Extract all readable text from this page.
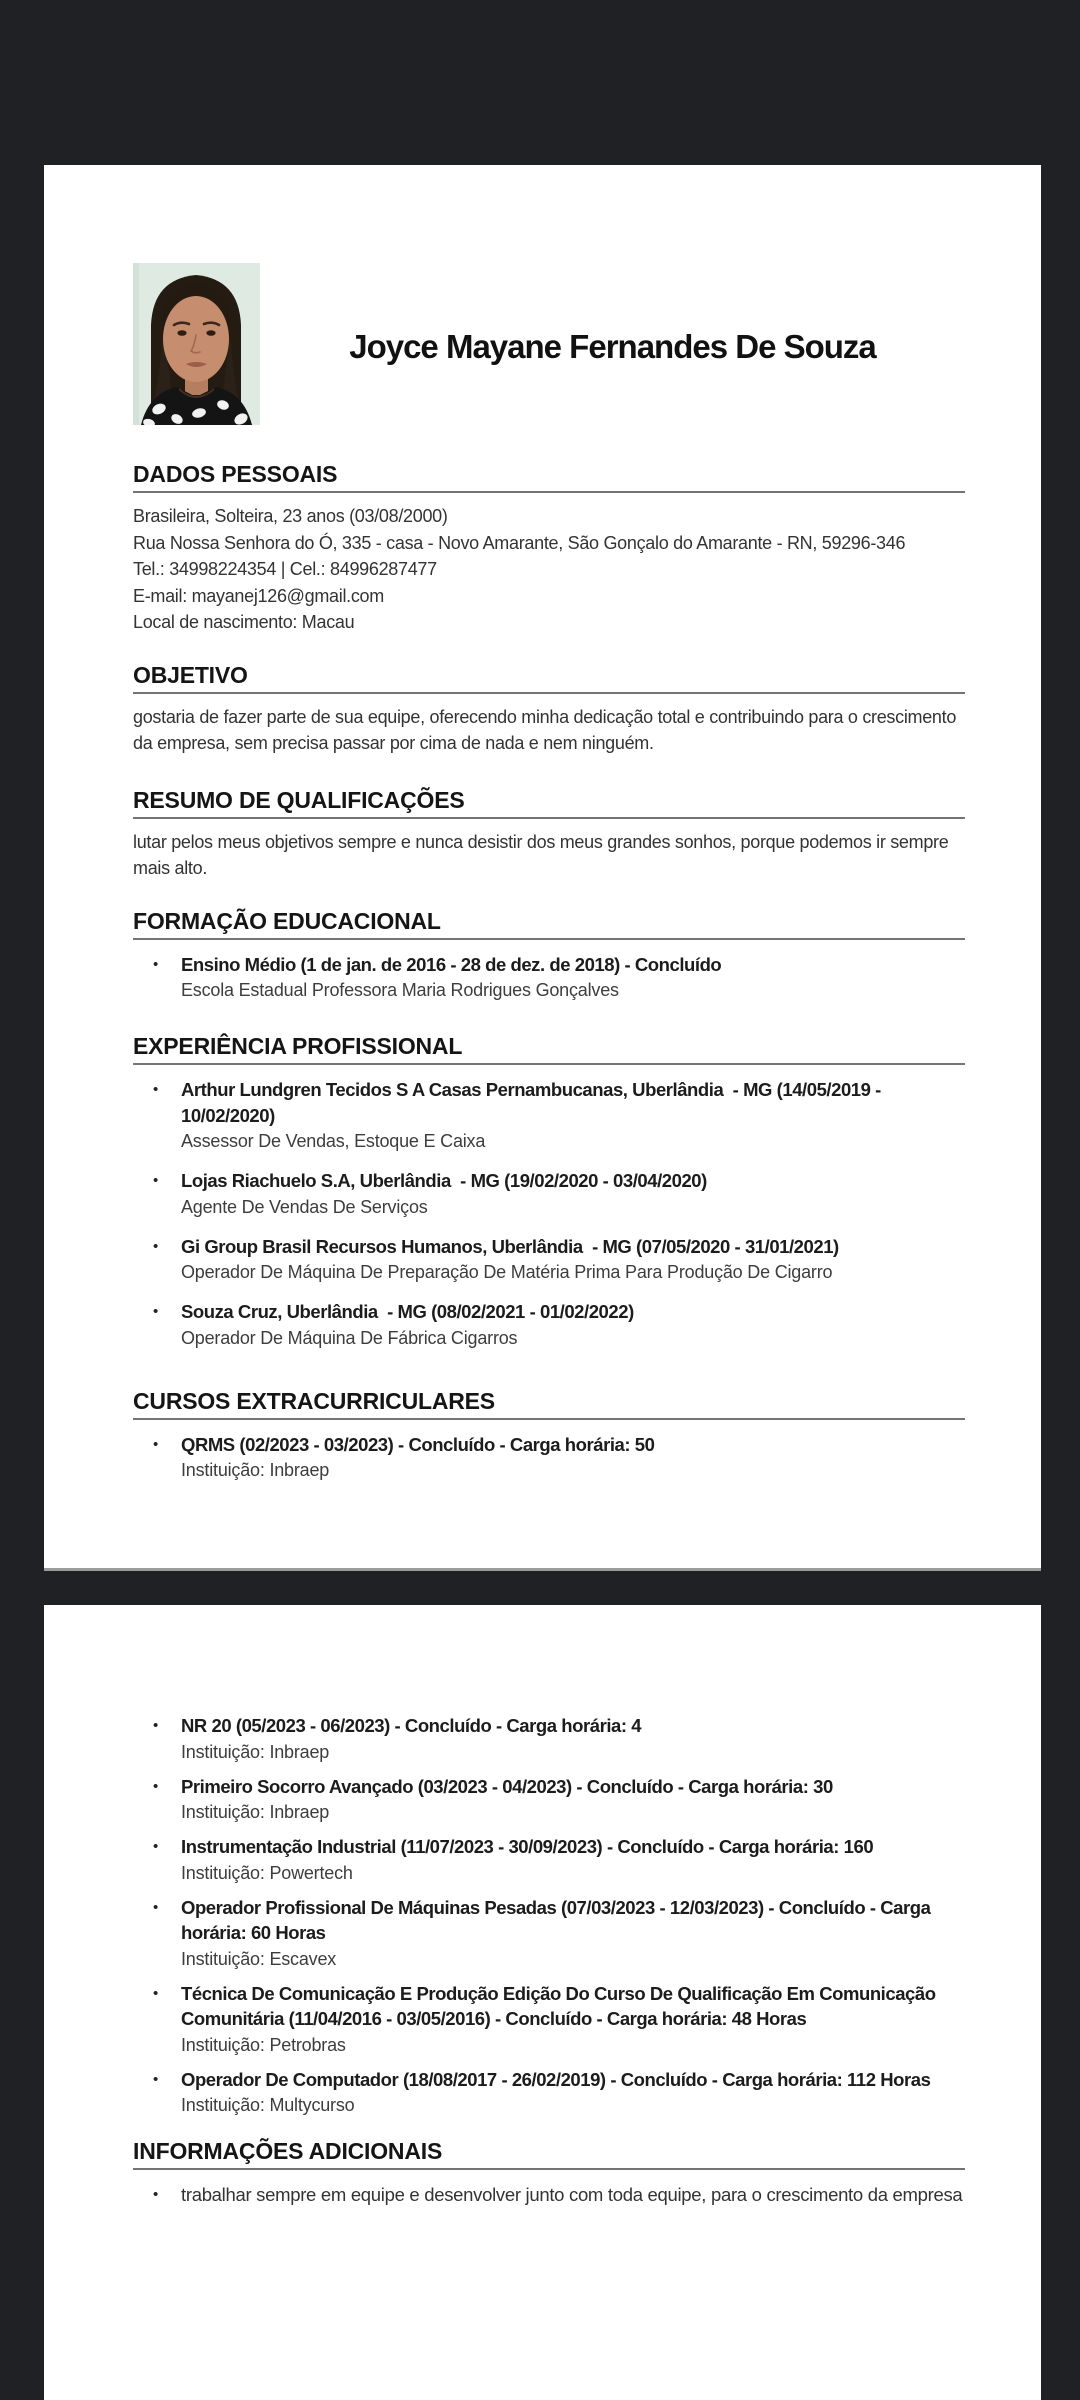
Joyce Mayane Fernandes De Souza
DADOS PESSOAIS
Brasileira, Solteira, 23 anos (03/08/2000)
Rua Nossa Senhora do Ó, 335 - casa - Novo Amarante, São Gonçalo do Amarante - RN, 59296-346
Tel.: 34998224354 | Cel.: 84996287477
E-mail: mayanej126@gmail.com
Local de nascimento: Macau
OBJETIVO
gostaria de fazer parte de sua equipe, oferecendo minha dedicação total e contribuindo para o crescimento da empresa, sem precisa passar por cima de nada e nem ninguém.
RESUMO DE QUALIFICAÇÕES
lutar pelos meus objetivos sempre e nunca desistir dos meus grandes sonhos, porque podemos ir sempre mais alto.
FORMAÇÃO EDUCACIONAL
•	Ensino Médio (1 de jan. de 2016 - 28 de dez. de 2018) - Concluído
Escola Estadual Professora Maria Rodrigues Gonçalves
EXPERIÊNCIA PROFISSIONAL
•	Arthur Lundgren Tecidos S A Casas Pernambucanas, Uberlândia  - MG (14/05/2019 - 10/02/2020)
Assessor De Vendas, Estoque E Caixa
•	Lojas Riachuelo S.A, Uberlândia  - MG (19/02/2020 - 03/04/2020)
Agente De Vendas De Serviços
•	Gi Group Brasil Recursos Humanos, Uberlândia  - MG (07/05/2020 - 31/01/2021)
Operador De Máquina De Preparação De Matéria Prima Para Produção De Cigarro
•	Souza Cruz, Uberlândia  - MG (08/02/2021 - 01/02/2022)
Operador De Máquina De Fábrica Cigarros
CURSOS EXTRACURRICULARES
•	QRMS (02/2023 - 03/2023) - Concluído - Carga horária: 50
Instituição: Inbraep
•	NR 20 (05/2023 - 06/2023) - Concluído - Carga horária: 4
Instituição: Inbraep
•	Primeiro Socorro Avançado (03/2023 - 04/2023) - Concluído - Carga horária: 30
Instituição: Inbraep
•	Instrumentação Industrial (11/07/2023 - 30/09/2023) - Concluído - Carga horária: 160
Instituição: Powertech
•	Operador Profissional De Máquinas Pesadas (07/03/2023 - 12/03/2023) - Concluído - Carga horária: 60 Horas
Instituição: Escavex
•	Técnica De Comunicação E Produção Edição Do Curso De Qualificação Em Comunicação Comunitária (11/04/2016 - 03/05/2016) - Concluído - Carga horária: 48 Horas
Instituição: Petrobras
•	Operador De Computador (18/08/2017 - 26/02/2019) - Concluído - Carga horária: 112 Horas
Instituição: Multycurso
INFORMAÇÕES ADICIONAIS
•	trabalhar sempre em equipe e desenvolver junto com toda equipe, para o crescimento da empresa
